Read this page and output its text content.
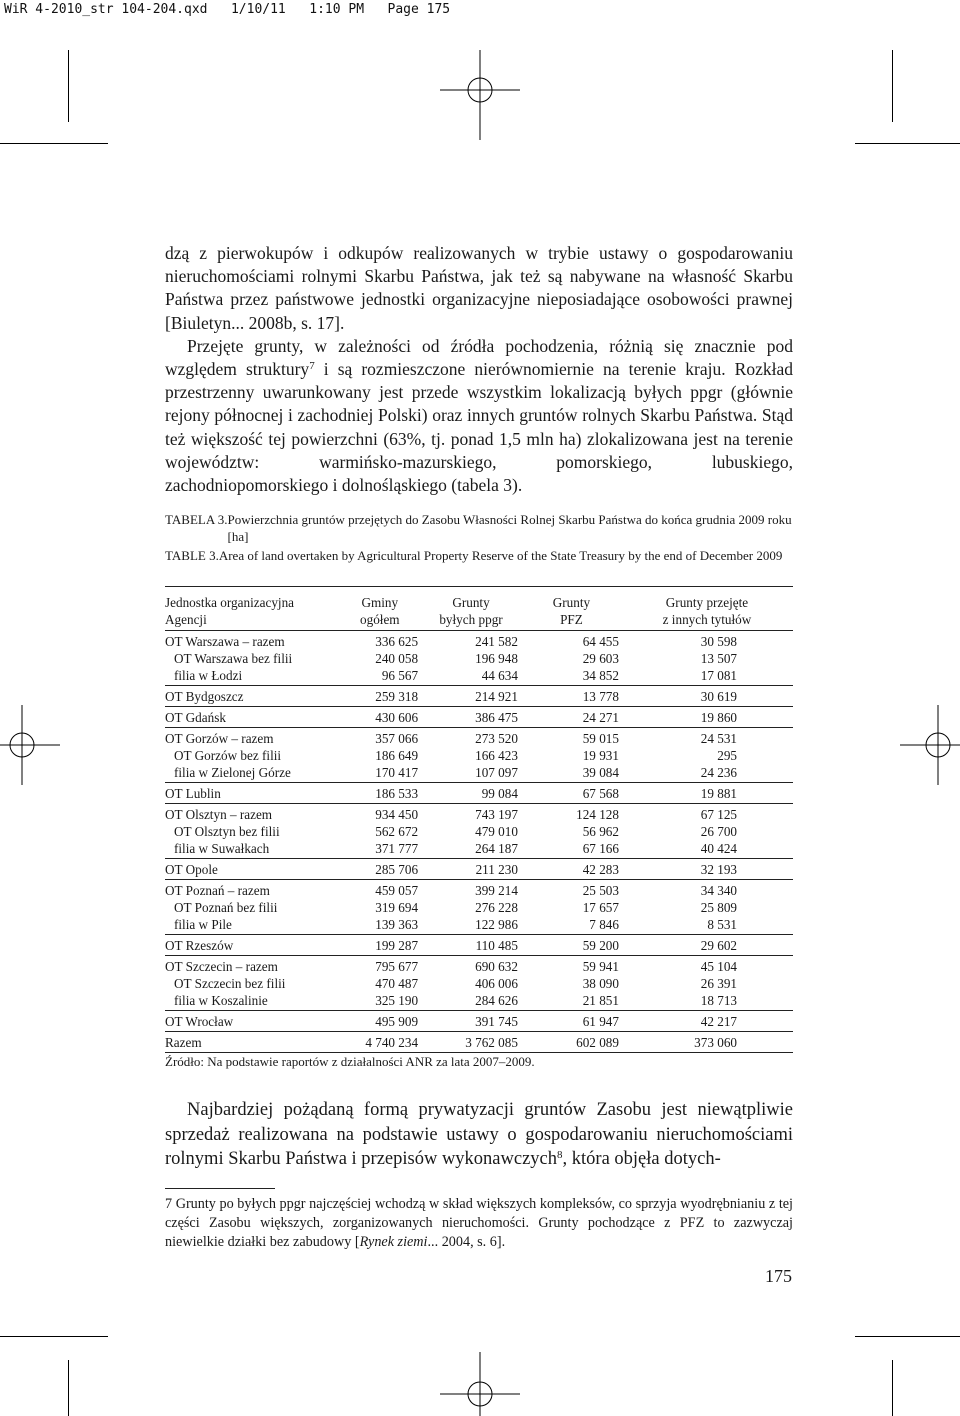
WiR 4-2010_str 104-204.qxd   1/10/11   1:10 PM   Page 175

dzą z pierwokupów i odkupów realizowanych w trybie ustawy o gospodarowaniu nieruchomościami rolnymi Skarbu Państwa, jak też są nabywane na własność Skarbu Państwa przez państwowe jednostki organizacyjne nieposiadające osobowości prawnej [Biuletyn... 2008b, s. 17].

Przejęte grunty, w zależności od źródła pochodzenia, różnią się znacznie pod względem struktury$^7$ i są rozmieszczone nierównomiernie na terenie kraju. Rozkład przestrzenny uwarunkowany jest przede wszystkim lokalizacją byłych ppgr (głównie rejony północnej i zachodniej Polski) oraz innych gruntów rolnych Skarbu Państwa. Stąd też większość tej powierzchni (63%, tj. ponad 1,5 mln ha) zlokalizowana jest na terenie województw: warmińsko-mazurskiego, pomorskiego, lubuskiego, zachodniopomorskiego i dolnośląskiego (tabela 3).

TABELA 3. Powierzchnia gruntów przejętych do Zasobu Własności Rolnej Skarbu Państwa do końca grudnia 2009 roku [ha]
TABLE 3. Area of land overtaken by Agricultural Property Reserve of the State Treasury by the end of December 2009
Jednostka organizacyjna	Gminy	Grunty	Grunty	Grunty przejęte
Agencji	ogółem	byłych ppgr	PFZ	z innych tytułów
OT Warszawa – razem	336 625	241 582	64 455	30 598
OT Warszawa bez filii	240 058	196 948	29 603	13 507
filia w Łodzi	96 567	44 634	34 852	17 081
OT Bydgoszcz	259 318	214 921	13 778	30 619
OT Gdańsk	430 606	386 475	24 271	19 860
OT Gorzów – razem	357 066	273 520	59 015	24 531
OT Gorzów bez filii	186 649	166 423	19 931	295
filia w Zielonej Górze	170 417	107 097	39 084	24 236
OT Lublin	186 533	99 084	67 568	19 881
OT Olsztyn – razem	934 450	743 197	124 128	67 125
OT Olsztyn bez filii	562 672	479 010	56 962	26 700
filia w Suwałkach	371 777	264 187	67 166	40 424
OT Opole	285 706	211 230	42 283	32 193
OT Poznań – razem	459 057	399 214	25 503	34 340
OT Poznań bez filii	319 694	276 228	17 657	25 809
filia w Pile	139 363	122 986	7 846	8 531
OT Rzeszów	199 287	110 485	59 200	29 602
OT Szczecin – razem	795 677	690 632	59 941	45 104
OT Szczecin bez filii	470 487	406 006	38 090	26 391
filia w Koszalinie	325 190	284 626	21 851	18 713
OT Wrocław	495 909	391 745	61 947	42 217
Razem	4 740 234	3 762 085	602 089	373 060
Źródło: Na podstawie raportów z działalności ANR za lata 2007–2009.

Najbardziej pożądaną formą prywatyzacji gruntów Zasobu jest niewątpliwie sprzedaż realizowana na podstawie ustawy o gospodarowaniu nieruchomościami rolnymi Skarbu Państwa i przepisów wykonawczych$^8$, która objęła dotych-

7 Grunty po byłych ppgr najczęściej wchodzą w skład większych kompleksów, co sprzyja wyodrębnianiu z tej części Zasobu większych, zorganizowanych nieruchomości. Grunty pochodzące z PFZ to zazwyczaj niewielkie działki bez zabudowy [Rynek ziemi... 2004, s. 6].

175
